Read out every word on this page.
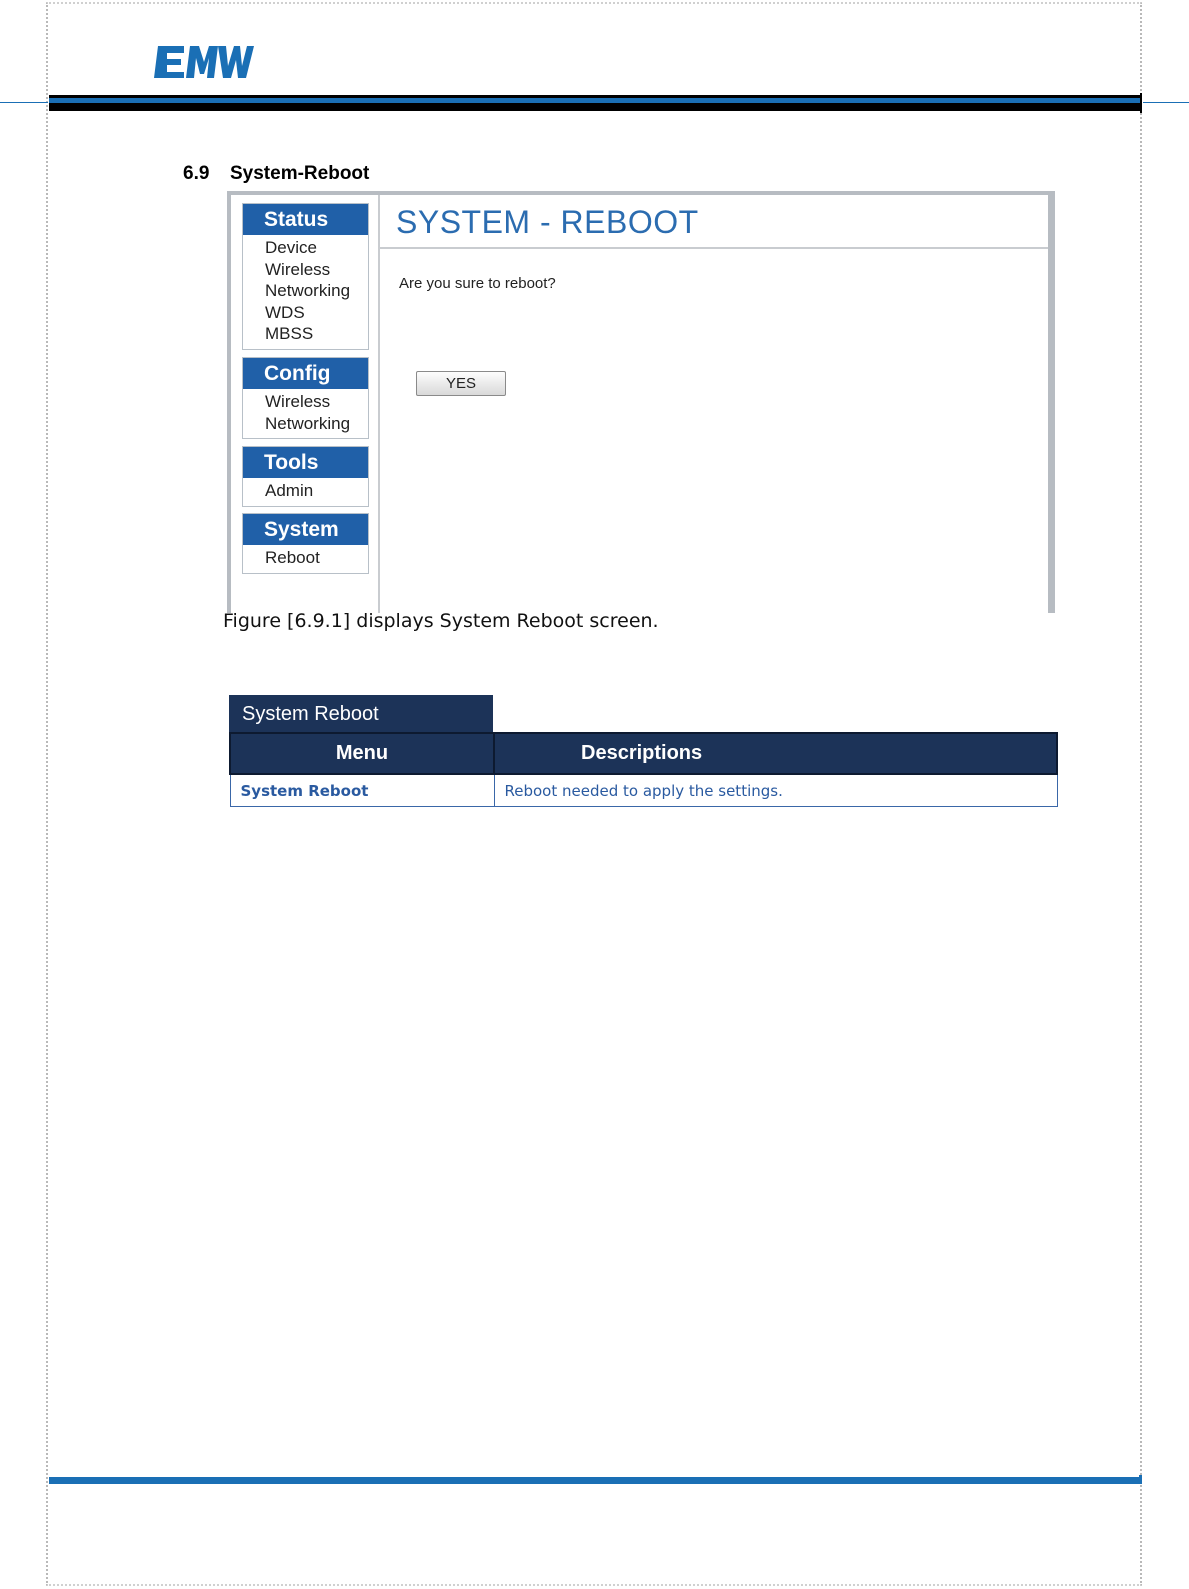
6.9 System-Reboot
Status
Device
Wireless
Networking
WDS
MBSS
Config
Wireless
Networking
Tools
Admin
System
Reboot
SYSTEM - REBOOT
Are you sure to reboot?
YES
Figure [6.9.1] displays System Reboot screen.
System Reboot
Menu	Descriptions
System Reboot	Reboot needed to apply the settings.
